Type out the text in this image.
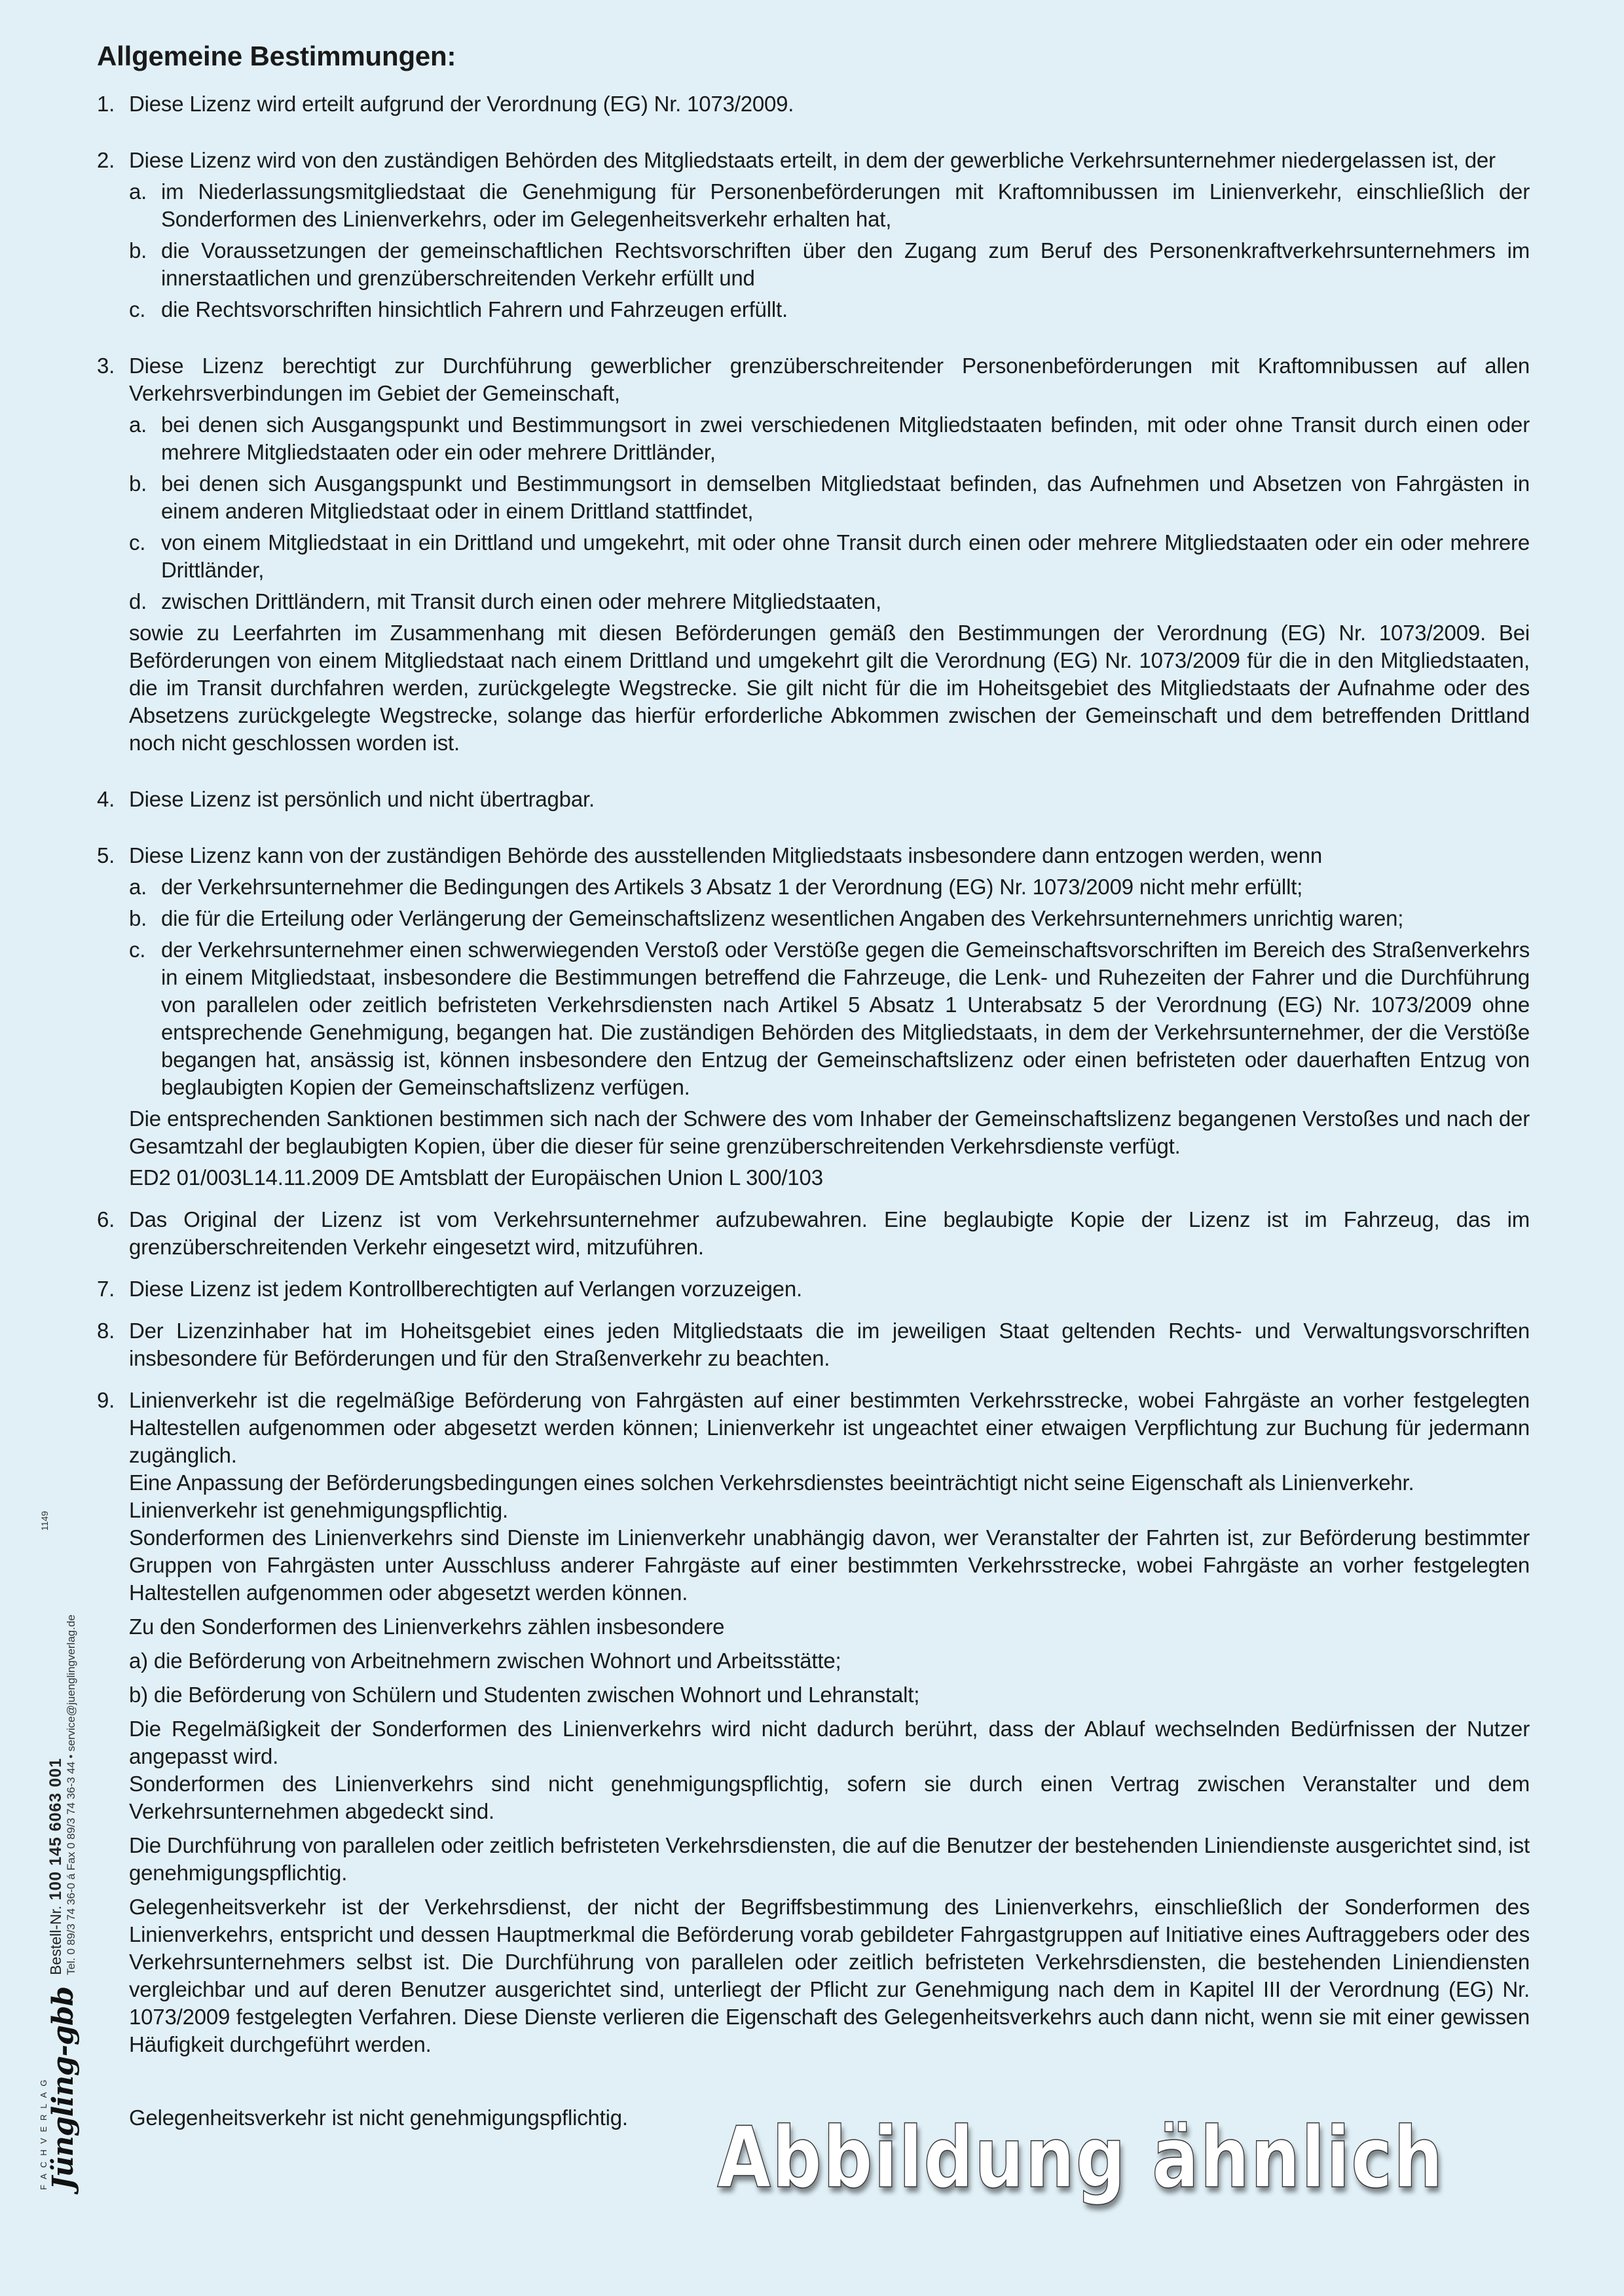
Allgemeine Bestimmungen:
1. Diese Lizenz wird erteilt aufgrund der Verordnung (EG) Nr. 1073/2009.
2. Diese Lizenz wird von den zuständigen Behörden des Mitgliedstaats erteilt, in dem der gewerbliche Verkehrsunternehmer niedergelassen ist, der
a. im Niederlassungsmitgliedstaat die Genehmigung für Personenbeförderungen mit Kraftomnibussen im Linienverkehr, einschließlich der Sonderformen des Linienverkehrs, oder im Gelegenheitsverkehr erhalten hat,
b. die Voraussetzungen der gemeinschaftlichen Rechtsvorschriften über den Zugang zum Beruf des Personenkraftverkehrsunternehmers im innerstaatlichen und grenzüberschreitenden Verkehr erfüllt und
c. die Rechtsvorschriften hinsichtlich Fahrern und Fahrzeugen erfüllt.
3. Diese Lizenz berechtigt zur Durchführung gewerblicher grenzüberschreitender Personenbeförderungen mit Kraftomnibussen auf allen Verkehrsverbindungen im Gebiet der Gemeinschaft,
a. bei denen sich Ausgangspunkt und Bestimmungsort in zwei verschiedenen Mitgliedstaaten befinden, mit oder ohne Transit durch einen oder mehrere Mitgliedstaaten oder ein oder mehrere Drittländer,
b. bei denen sich Ausgangspunkt und Bestimmungsort in demselben Mitgliedstaat befinden, das Aufnehmen und Absetzen von Fahrgästen in einem anderen Mitgliedstaat oder in einem Drittland stattfindet,
c. von einem Mitgliedstaat in ein Drittland und umgekehrt, mit oder ohne Transit durch einen oder mehrere Mitgliedstaaten oder ein oder mehrere Drittländer,
d. zwischen Drittländern, mit Transit durch einen oder mehrere Mitgliedstaaten,
sowie zu Leerfahrten im Zusammenhang mit diesen Beförderungen gemäß den Bestimmungen der Verordnung (EG) Nr. 1073/2009. Bei Beförderungen von einem Mitgliedstaat nach einem Drittland und umgekehrt gilt die Verordnung (EG) Nr. 1073/2009 für die in den Mitgliedstaaten, die im Transit durchfahren werden, zurückgelegte Wegstrecke. Sie gilt nicht für die im Hoheitsgebiet des Mitgliedstaats der Aufnahme oder des Absetzens zurückgelegte Wegstrecke, solange das hierfür erforderliche Abkommen zwischen der Gemeinschaft und dem betreffenden Drittland noch nicht geschlossen worden ist.
4. Diese Lizenz ist persönlich und nicht übertragbar.
5. Diese Lizenz kann von der zuständigen Behörde des ausstellenden Mitgliedstaats insbesondere dann entzogen werden, wenn
a. der Verkehrsunternehmer die Bedingungen des Artikels 3 Absatz 1 der Verordnung (EG) Nr. 1073/2009 nicht mehr erfüllt;
b. die für die Erteilung oder Verlängerung der Gemeinschaftslizenz wesentlichen Angaben des Verkehrsunternehmers unrichtig waren;
c. der Verkehrsunternehmer einen schwerwiegenden Verstoß oder Verstöße gegen die Gemeinschaftsvorschriften im Bereich des Straßenverkehrs in einem Mitgliedstaat, insbesondere die Bestimmungen betreffend die Fahrzeuge, die Lenk- und Ruhezeiten der Fahrer und die Durchführung von parallelen oder zeitlich befristeten Verkehrsdiensten nach Artikel 5 Absatz 1 Unterabsatz 5 der Verordnung (EG) Nr. 1073/2009 ohne entsprechende Genehmigung, begangen hat. Die zuständigen Behörden des Mitgliedstaats, in dem der Verkehrsunternehmer, der die Verstöße begangen hat, ansässig ist, können insbesondere den Entzug der Gemeinschaftslizenz oder einen befristeten oder dauerhaften Entzug von beglaubigten Kopien der Gemeinschaftslizenz verfügen.
Die entsprechenden Sanktionen bestimmen sich nach der Schwere des vom Inhaber der Gemeinschaftslizenz begangenen Verstoßes und nach der Gesamtzahl der beglaubigten Kopien, über die dieser für seine grenzüberschreitenden Verkehrsdienste verfügt.
ED2 01/003L14.11.2009 DE Amtsblatt der Europäischen Union L 300/103
6. Das Original der Lizenz ist vom Verkehrsunternehmer aufzubewahren. Eine beglaubigte Kopie der Lizenz ist im Fahrzeug, das im grenzüberschreitenden Verkehr eingesetzt wird, mitzuführen.
7. Diese Lizenz ist jedem Kontrollberechtigten auf Verlangen vorzuzeigen.
8. Der Lizenzinhaber hat im Hoheitsgebiet eines jeden Mitgliedstaats die im jeweiligen Staat geltenden Rechts- und Verwaltungsvorschriften insbesondere für Beförderungen und für den Straßenverkehr zu beachten.
9. Linienverkehr ist die regelmäßige Beförderung von Fahrgästen auf einer bestimmten Verkehrsstrecke, wobei Fahrgäste an vorher festgelegten Haltestellen aufgenommen oder abgesetzt werden können; Linienverkehr ist ungeachtet einer etwaigen Verpflichtung zur Buchung für jedermann zugänglich.
Eine Anpassung der Beförderungsbedingungen eines solchen Verkehrsdienstes beeinträchtigt nicht seine Eigenschaft als Linienverkehr.
Linienverkehr ist genehmigungspflichtig.
Sonderformen des Linienverkehrs sind Dienste im Linienverkehr unabhängig davon, wer Veranstalter der Fahrten ist, zur Beförderung bestimmter Gruppen von Fahrgästen unter Ausschluss anderer Fahrgäste auf einer bestimmten Verkehrsstrecke, wobei Fahrgäste an vorher festgelegten Haltestellen aufgenommen oder abgesetzt werden können.
Zu den Sonderformen des Linienverkehrs zählen insbesondere
a) die Beförderung von Arbeitnehmern zwischen Wohnort und Arbeitsstätte;
b) die Beförderung von Schülern und Studenten zwischen Wohnort und Lehranstalt;
Die Regelmäßigkeit der Sonderformen des Linienverkehrs wird nicht dadurch berührt, dass der Ablauf wechselnden Bedürfnissen der Nutzer angepasst wird.
Sonderformen des Linienverkehrs sind nicht genehmigungspflichtig, sofern sie durch einen Vertrag zwischen Veranstalter und dem Verkehrsunternehmen abgedeckt sind.
Die Durchführung von parallelen oder zeitlich befristeten Verkehrsdiensten, die auf die Benutzer der bestehenden Liniendienste ausgerichtet sind, ist genehmigungspflichtig.
Gelegenheitsverkehr ist der Verkehrsdienst, der nicht der Begriffsbestimmung des Linienverkehrs, einschließlich der Sonderformen des Linienverkehrs, entspricht und dessen Hauptmerkmal die Beförderung vorab gebildeter Fahrgastgruppen auf Initiative eines Auftraggebers oder des Verkehrsunternehmers selbst ist. Die Durchführung von parallelen oder zeitlich befristeten Verkehrsdiensten, die bestehenden Liniendiensten vergleichbar und auf deren Benutzer ausgerichtet sind, unterliegt der Pflicht zur Genehmigung nach dem in Kapitel III der Verordnung (EG) Nr. 1073/2009 festgelegten Verfahren. Diese Dienste verlieren die Eigenschaft des Gelegenheitsverkehrs auch dann nicht, wenn sie mit einer gewissen Häufigkeit durchgeführt werden.
Gelegenheitsverkehr ist nicht genehmigungspflichtig.
FACHVERLAG
Jüngling-gbb
Bestell-Nr.100 145 6063 001 Tel. 0 89/3 74 36-0 á Fax 0 89/3 74 36-3 44 • service@juenglingverlag.de
1149
Abbildung ähnlich
